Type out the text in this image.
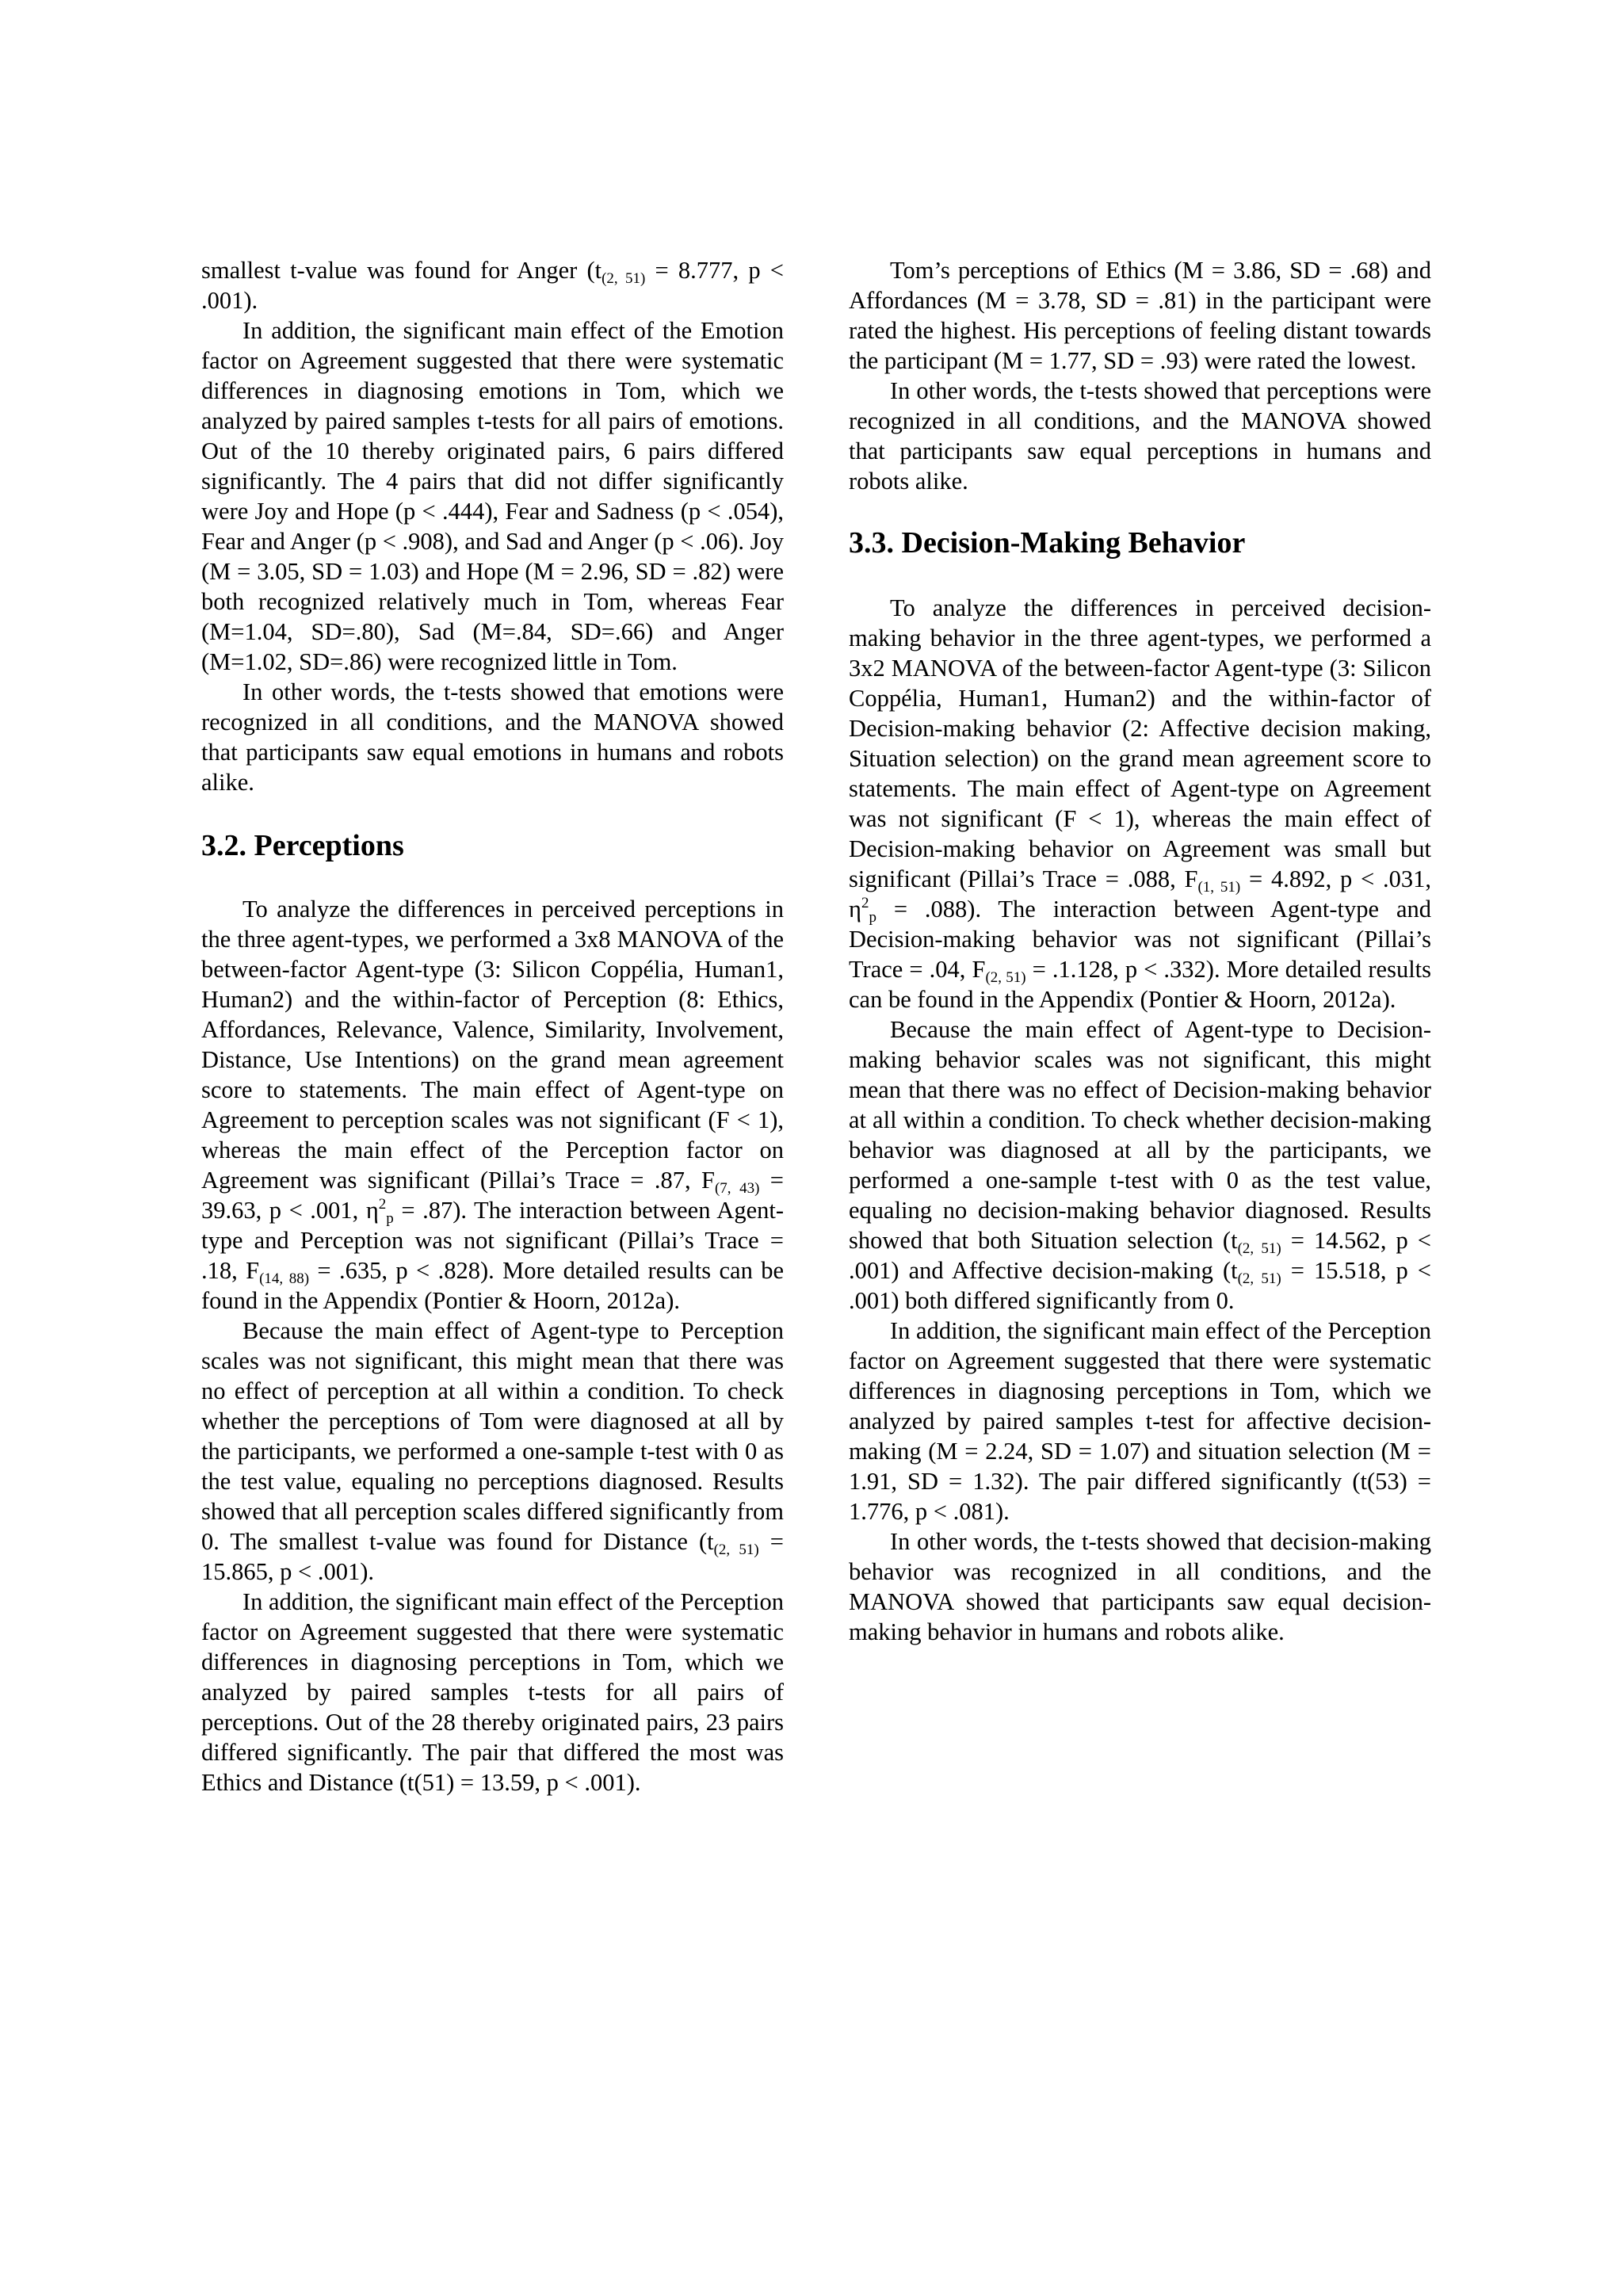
smallest t-value was found for Anger ($t_{(2, 51)} = 8.777$, p < .001).

In addition, the significant main effect of the Emotion factor on Agreement suggested that there were systematic differences in diagnosing emotions in Tom, which we analyzed by paired samples t-tests for all pairs of emotions. Out of the 10 thereby originated pairs, 6 pairs differed significantly. The 4 pairs that did not differ significantly were Joy and Hope (p < .444), Fear and Sadness (p < .054), Fear and Anger (p < .908), and Sad and Anger (p < .06). Joy (M = 3.05, SD = 1.03) and Hope (M = 2.96, SD = .82) were both recognized relatively much in Tom, whereas Fear (M=1.04, SD=.80), Sad (M=.84, SD=.66) and Anger (M=1.02, SD=.86) were recognized little in Tom.

In other words, the t-tests showed that emotions were recognized in all conditions, and the MANOVA showed that participants saw equal emotions in humans and robots alike.

3.2. Perceptions

To analyze the differences in perceived perceptions in the three agent-types, we performed a 3x8 MANOVA of the between-factor Agent-type (3: Silicon Coppélia, Human1, Human2) and the within-factor of Perception (8: Ethics, Affordances, Relevance, Valence, Similarity, Involvement, Distance, Use Intentions) on the grand mean agreement score to statements. The main effect of Agent-type on Agreement to perception scales was not significant (F < 1), whereas the main effect of the Perception factor on Agreement was significant (Pillai’s Trace = .87, $F_{(7, 43)} = 39.63$, p < .001, $\eta^2p = .87$). The interaction between Agent-type and Perception was not significant (Pillai’s Trace = .18, $F_{(14, 88)} = .635$, p < .828). More detailed results can be found in the Appendix (Pontier & Hoorn, 2012a).

Because the main effect of Agent-type to Perception scales was not significant, this might mean that there was no effect of perception at all within a condition. To check whether the perceptions of Tom were diagnosed at all by the participants, we performed a one-sample t-test with 0 as the test value, equaling no perceptions diagnosed. Results showed that all perception scales differed significantly from 0. The smallest t-value was found for Distance ($t_{(2, 51)} = 15.865$, p < .001).

In addition, the significant main effect of the Perception factor on Agreement suggested that there were systematic differences in diagnosing perceptions in Tom, which we analyzed by paired samples t-tests for all pairs of perceptions. Out of the 28 thereby originated pairs, 23 pairs differed significantly. The pair that differed the most was Ethics and Distance (t(51) = 13.59, p < .001).

Tom’s perceptions of Ethics (M = 3.86, SD = .68) and Affordances (M = 3.78, SD = .81) in the participant were rated the highest. His perceptions of feeling distant towards the participant (M = 1.77, SD = .93) were rated the lowest.

In other words, the t-tests showed that perceptions were recognized in all conditions, and the MANOVA showed that participants saw equal perceptions in humans and robots alike.

3.3. Decision-Making Behavior

To analyze the differences in perceived decision-making behavior in the three agent-types, we performed a 3x2 MANOVA of the between-factor Agent-type (3: Silicon Coppélia, Human1, Human2) and the within-factor of Decision-making behavior (2: Affective decision making, Situation selection) on the grand mean agreement score to statements. The main effect of Agent-type on Agreement was not significant (F < 1), whereas the main effect of Decision-making behavior on Agreement was small but significant (Pillai’s Trace = .088, $F_{(1, 51)} = 4.892$, p < .031, $\eta^2p = .088$). The interaction between Agent-type and Decision-making behavior was not significant (Pillai’s Trace = .04, $F_{(2, 51)} = .1.128$, p < .332). More detailed results can be found in the Appendix (Pontier & Hoorn, 2012a).

Because the main effect of Agent-type to Decision-making behavior scales was not significant, this might mean that there was no effect of Decision-making behavior at all within a condition. To check whether decision-making behavior was diagnosed at all by the participants, we performed a one-sample t-test with 0 as the test value, equaling no decision-making behavior diagnosed. Results showed that both Situation selection ($t_{(2, 51)} = 14.562$, p < .001) and Affective decision-making ($t_{(2, 51)} = 15.518$, p < .001) both differed significantly from 0.

In addition, the significant main effect of the Perception factor on Agreement suggested that there were systematic differences in diagnosing perceptions in Tom, which we analyzed by paired samples t-test for affective decision-making (M = 2.24, SD = 1.07) and situation selection (M = 1.91, SD = 1.32). The pair differed significantly (t(53) = 1.776, p < .081).

In other words, the t-tests showed that decision-making behavior was recognized in all conditions, and the MANOVA showed that participants saw equal decision-making behavior in humans and robots alike.
